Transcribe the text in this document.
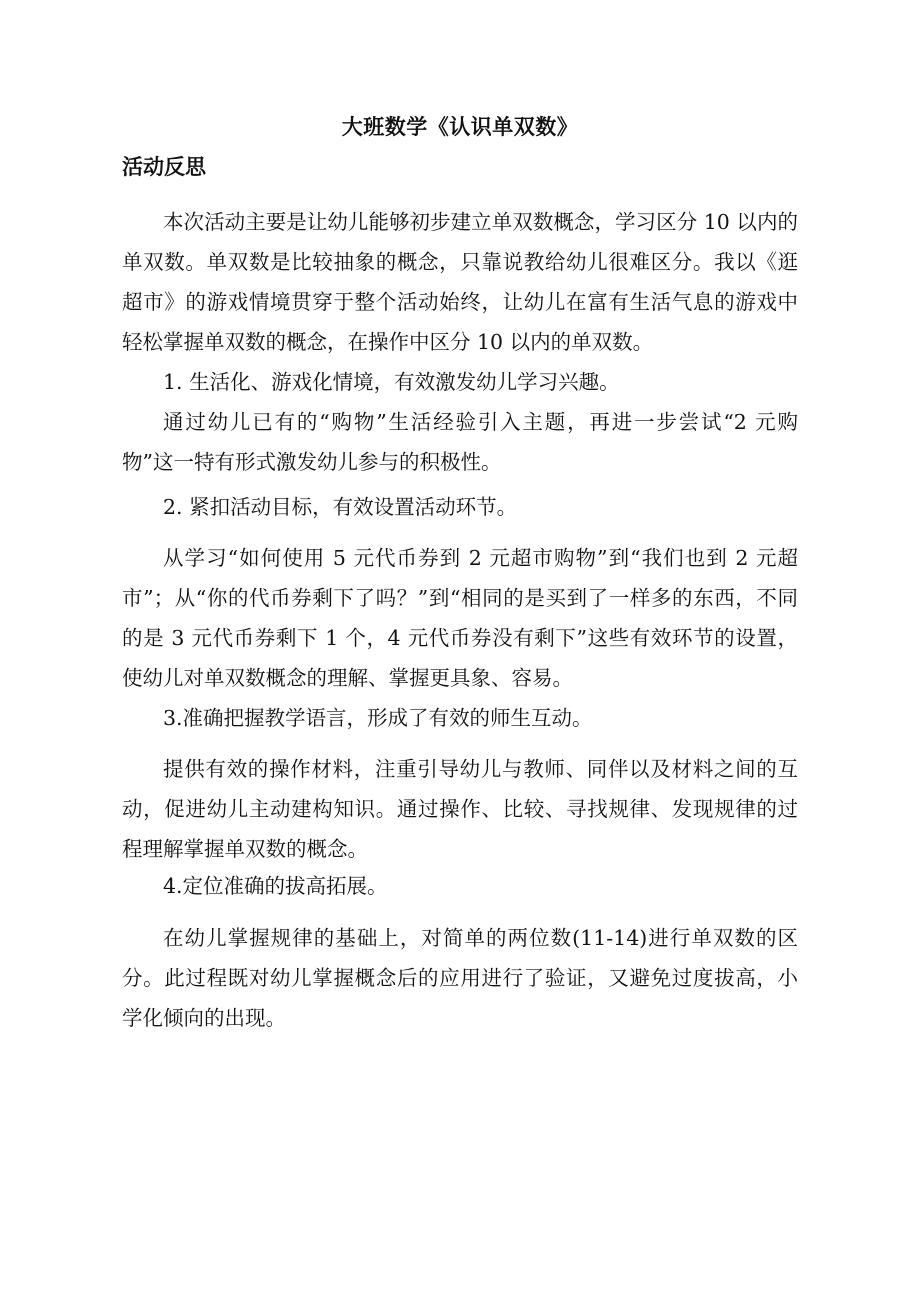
大班数学《认识单双数》
活动反思

本次活动主要是让幼儿能够初步建立单双数概念，学习区分 10 以内的单双数。单双数是比较抽象的概念，只靠说教给幼儿很难区分。我以《逛超市》的游戏情境贯穿于整个活动始终，让幼儿在富有生活气息的游戏中轻松掌握单双数的概念，在操作中区分 10 以内的单双数。

1. 生活化、游戏化情境，有效激发幼儿学习兴趣。

通过幼儿已有的“购物”生活经验引入主题，再进一步尝试“2 元购物”这一特有形式激发幼儿参与的积极性。

2. 紧扣活动目标，有效设置活动环节。

从学习“如何使用 5 元代币券到 2 元超市购物”到“我们也到 2 元超市”；从“你的代币券剩下了吗？”到“相同的是买到了一样多的东西，不同的是 3 元代币券剩下 1 个，4 元代币券没有剩下”这些有效环节的设置，使幼儿对单双数概念的理解、掌握更具象、容易。

3.准确把握教学语言，形成了有效的师生互动。

提供有效的操作材料，注重引导幼儿与教师、同伴以及材料之间的互动，促进幼儿主动建构知识。通过操作、比较、寻找规律、发现规律的过程理解掌握单双数的概念。

4.定位准确的拔高拓展。

在幼儿掌握规律的基础上，对简单的两位数(11-14)进行单双数的区分。此过程既对幼儿掌握概念后的应用进行了验证，又避免过度拔高，小学化倾向的出现。
